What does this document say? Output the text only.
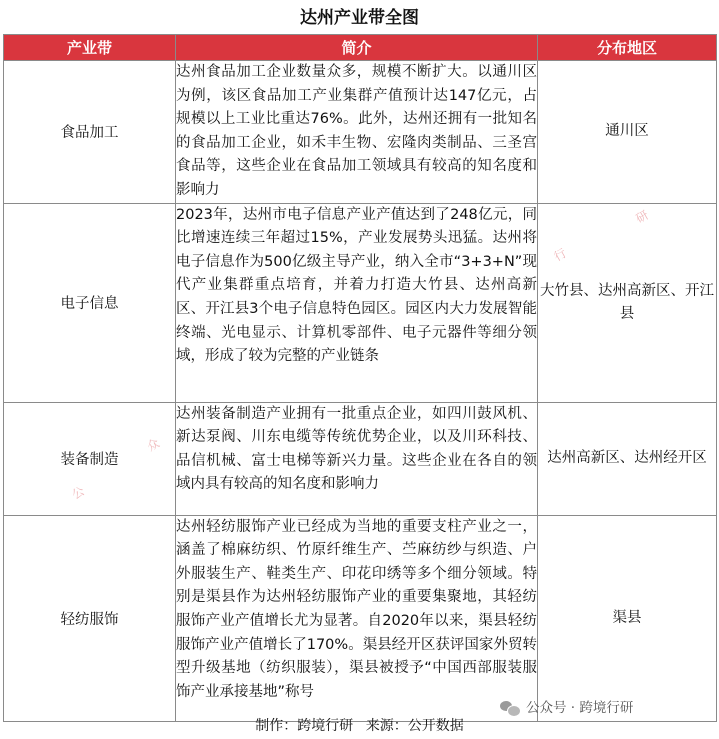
达州产业带全图
产业带	简介	分布地区
食品加工	达州食品加工企业数量众多，规模不断扩大。以通川区为例，该区食品加工产业集群产值预计达147亿元，占规模以上工业比重达76%。此外，达州还拥有一批知名的食品加工企业，如禾丰生物、宏隆肉类制品、三圣宫食品等，这些企业在食品加工领域具有较高的知名度和影响力	通川区
电子信息	2023年，达州市电子信息产业产值达到了248亿元，同比增速连续三年超过15%，产业发展势头迅猛。达州将电子信息作为500亿级主导产业，纳入全市“3+3+N”现代产业集群重点培育，并着力打造大竹县、达州高新区、开江县3个电子信息特色园区。园区内大力发展智能终端、光电显示、计算机零部件、电子元器件等细分领域，形成了较为完整的产业链条	大竹县、达州高新区、开江县
装备制造	达州装备制造产业拥有一批重点企业，如四川鼓风机、新达泵阀、川东电缆等传统优势企业，以及川环科技、品信机械、富士电梯等新兴力量。这些企业在各自的领域内具有较高的知名度和影响力	达州高新区、达州经开区
轻纺服饰	达州轻纺服饰产业已经成为当地的重要支柱产业之一，涵盖了棉麻纺织、竹原纤维生产、苎麻纺纱与织造、户外服装生产、鞋类生产、印花印绣等多个细分领域。特别是渠县作为达州轻纺服饰产业的重要集聚地，其轻纺服饰产业产值增长尤为显著。自2020年以来，渠县轻纺服饰产业产值增长了170%。渠县经开区获评国家外贸转型升级基地（纺织服装），渠县被授予“中国西部服装服饰产业承接基地”称号	渠县
公众号 · 跨境行研
研
行
众
公
制作：跨境行研 来源：公开数据
